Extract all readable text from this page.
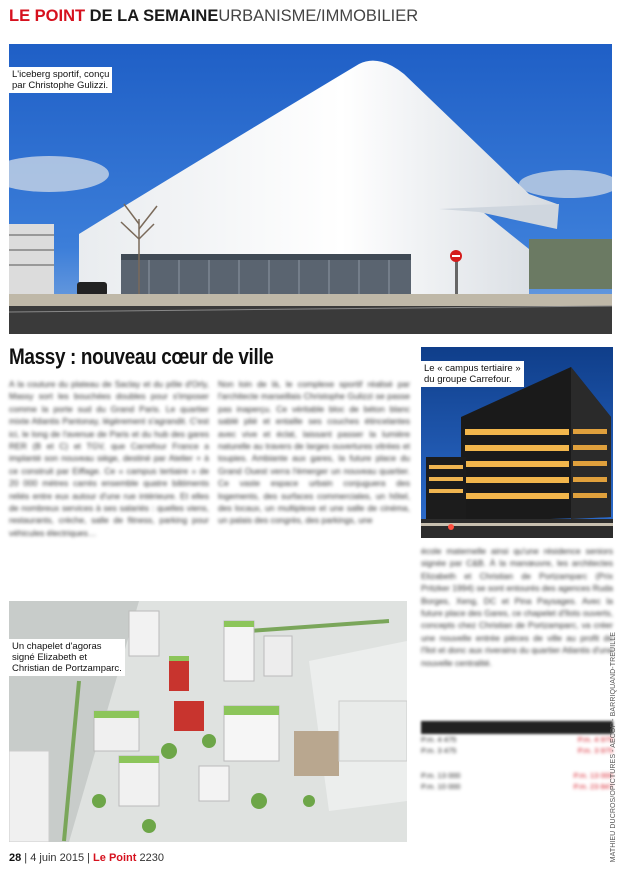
LE POINT DE LA SEMAINEURBANISME/IMMOBILIER
L'iceberg sportif, conçu
par Christophe Gulizzi.
Massy : nouveau cœur de ville
A la couture du plateau de Saclay et du pôle d'Orly, Massy sort les bouchées doubles pour s'imposer comme la porte sud du Grand Paris. Le quartier mixte Atlantis Pantonay, légèrement s'agrandit. C'est ici, le long de l'avenue de Paris et du hub des gares RER (B et C) et TGV, que Carrefour France a implanté son nouveau siège, destiné par Atelier + à ce construit par Eiffage. Ce « campus tertiaire » de 20 000 mètres carrés ensemble quatre bâtiments reliés entre eux autour d'une rue intérieure. Et elles de nombreux services à ses salariés : quelles viens, restaurants, crèche, salle de fitness, parking pour véhicules électriques…
Non loin de là, le complexe sportif réalisé par l'architecte marseillais Christophe Gulizzi se passe pas inaperçu. Ce véritable bloc de béton blanc sablé plié et entaille ses couches étincelantes avec vive et éclat, laissant passer la lumière naturelle au travers de larges ouvertures vitrées et toupies. Ambiante aux gares, la future place du Grand Ouest verra l'émerger un nouveau quartier. Ce vaste espace urbain conjuguera des logements, des surfaces commerciales, un hôtel, des locaux, un multiplexe et une salle de cinéma, un palais des congrès, des parkings, une
école maternelle ainsi qu'une résidence seniors signée par C&B. À la manœuvre, les architectes Elizabeth et Christian de Portzamparc (Prix Pritzker 1994) se sont entourés des agences Ruda Borges, Xeng, DC et Pina Paysages. Avec la future place des Gares, ce chapelet d'îlots ouverts, concepts chez Christian de Portzamparc, va créer une nouvelle entrée pièces de ville au profit de l'îlot et donc aux riverains du quartier Atlantis d'une nouvelle centralité.
Le « campus tertiaire »
du groupe Carrefour.
Un chapelet d'agoras
signé Elizabeth et
Christian de Portzamparc.
P.m. 4 475	P.m. 4 975
P.m. 3 475	P.m. 3 975
P.m. 13 000	P.m. 13 000
P.m. 10 000	P.m. 23 847
MATHIEU DUCROS/OPICTURES - AECOP - BARRIQUAND-TREUILLE
28 | 4 juin 2015 | Le Point 2230
